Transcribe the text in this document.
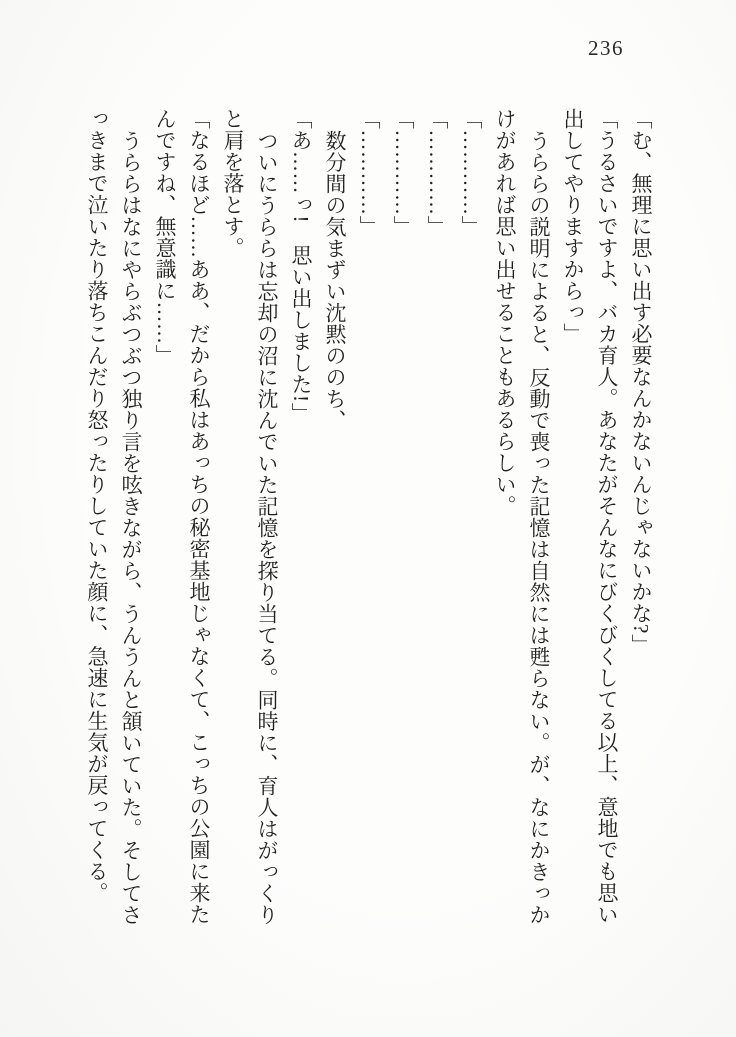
236
「む、無理に思い出す必要なんかないんじゃないかな?」
「うるさいですよ、バカ育人。あなたがそんなにびくびくしてる以上、意地でも思い
出してやりますからっ」
うららの説明によると、反動で喪った記憶は自然には甦らない。が、なにかきっか
けがあれば思い出せることもあるらしい。
「…………」
「…………」
「…………」
「…………」
数分間の気まずい沈黙ののち、
「あ……っ!　思い出しました!」
ついにうららは忘却の沼に沈んでいた記憶を探り当てる。同時に、育人はがっくり
と肩を落とす。
「なるほど……ああ、だから私はあっちの秘密基地じゃなくて、こっちの公園に来た
んですね、無意識に……」
うららはなにやらぶつぶつ独り言を呟きながら、うんうんと頷いていた。そしてさ
っきまで泣いたり落ちこんだり怒ったりしていた顔に、急速に生気が戻ってくる。
